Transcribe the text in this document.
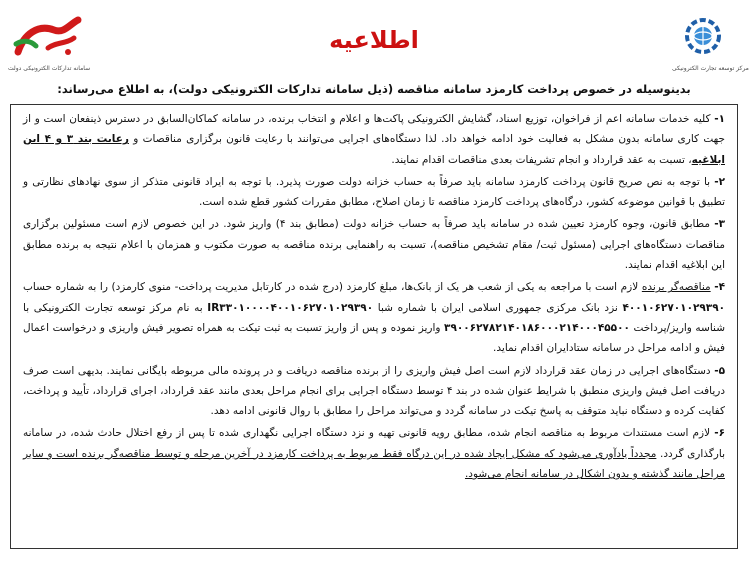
سامانه تدارکات الکترونیکی دولت
اطلاعیه
مرکز توسعه تجارت الکترونیکی
بدینوسیله در خصوص پرداخت کارمزد سامانه مناقصه (ذیل سامانه تدارکات الکترونیکی دولت)، به اطلاع می‌رساند:

۱- کلیه خدمات سامانه اعم از فراخوان، توزیع اسناد، گشایش الکترونیکی پاکت‌ها و اعلام و انتخاب برنده، در سامانه کماکان‌السابق در دسترس ذینفعان است و از جهت کاری سامانه بدون مشکل به فعالیت خود ادامه خواهد داد. لذا دستگاه‌های اجرایی می‌توانند با رعایت قانون برگزاری مناقصات و رعایت بند ۳ و ۴ این ابلاغیه، تسبت به عقد قرارداد و انجام تشریفات بعدی مناقصات اقدام نمایند.

۲- با توجه به نص صریح قانون پرداخت کارمزد سامانه باید صرفاً به حساب خزانه دولت صورت پذیرد. با توجه به ایراد قانونی متذکر از سوی نهادهای نظارتی و تطبیق با قوانین موضوعه کشور، درگاه‌های پرداخت کارمزد مناقصه تا زمان اصلاح، مطابق مقررات کشور قطع شده است.

۳- مطابق قانون، وجوه کارمزد تعیین شده در سامانه باید صرفاً به حساب خزانه دولت (مطابق بند ۴) واریز شود. در این خصوص لازم است مسئولین برگزاری مناقصات دستگاه‌های اجرایی (مسئول ثبت/ مقام تشخیص مناقصه)، تسبت به راهنمایی برنده مناقصه به صورت مکتوب و همزمان با اعلام نتیجه به برنده مطابق این ابلاغیه اقدام نمایند.

۴- مناقصه‌گر برنده لازم است با مراجعه به یکی از شعب هر یک از بانک‌ها، مبلغ کارمزد (درج شده در کارتابل مدیریت پرداخت- منوی کارمزد) را به شماره حساب ۴۰۰۱۰۶۲۷۰۱۰۲۹۳۹۰ نزد بانک مرکزی جمهوری اسلامی ایران با شماره شبا IR۳۳۰۱۰۰۰۰۴۰۰۱۰۶۲۷۰۱۰۲۹۳۹۰ به نام مرکز توسعه تجارت الکترونیکی با شناسه واریز/پرداخت ۳۹۰۰۶۲۷۸۲۱۴۰۱۸۶۰۰۰۲۱۴۰۰۰۴۵۵۰۰ واریز نموده و پس از واریز تسبت به ثبت تیکت به همراه تصویر فیش واریزی و درخواست اعمال فیش و ادامه مراحل در سامانه ستادایران اقدام نماید.

۵- دستگاه‌های اجرایی در زمان عقد قرارداد لازم است اصل فیش واریزی را از برنده مناقصه دریافت و در پرونده مالی مربوطه بایگانی نمایند. بدیهی است صرف دریافت اصل فیش واریزی منطبق با شرایط عنوان شده در بند ۴ توسط دستگاه اجرایی برای انجام مراحل بعدی مانند عقد قرارداد، اجرای قرارداد، تأیید و پرداخت، کفایت کرده و دستگاه نباید متوقف به پاسخ تیکت در سامانه گردد و می‌تواند مراحل را مطابق با روال قانونی ادامه دهد.

۶- لازم است مستندات مربوط به مناقصه انجام شده، مطابق رویه قانونی تهیه و نزد دستگاه اجرایی نگهداری شده تا پس از رفع اختلال حادث شده، در سامانه بارگذاری گردد. مجدداً یادآوری می‌شود که مشکل ایجاد شده در این درگاه فقط مربوط به پرداخت کارمزد در آخرین مرحله و توسط مناقصه‌گر برنده است و سایر مراحل مانند گذشته و بدون اشکال در سامانه انجام می‌شود.
